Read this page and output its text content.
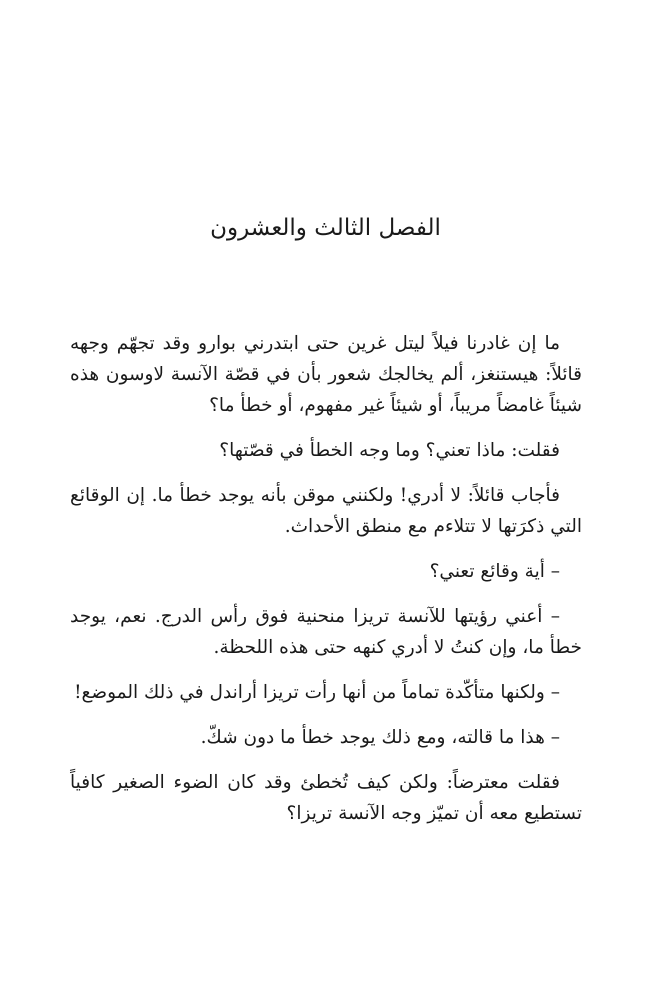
الفصل الثالث والعشرون

ما إن غادرنا فيلاً ليتل غرين حتى ابتدرني بوارو وقد تجهّم وجهه قائلاً: هيستنغز، ألم يخالجك شعور بأن في قصّة الآنسة لاوسون هذه شيئاً غامضاً مريباً، أو شيئاً غير مفهوم، أو خطأ ما؟

فقلت: ماذا تعني؟ وما وجه الخطأ في قصّتها؟

فأجاب قائلاً: لا أدري! ولكنني موقن بأنه يوجد خطأ ما. إن الوقائع التي ذكرَتها لا تتلاءم مع منطق الأحداث.

– أية وقائع تعني؟

– أعني رؤيتها للآنسة تريزا منحنية فوق رأس الدرج. نعم، يوجد خطأ ما، وإن كنتُ لا أدري كنهه حتى هذه اللحظة.

– ولكنها متأكّدة تماماً من أنها رأت تريزا أراندل في ذلك الموضع!

– هذا ما قالته، ومع ذلك يوجد خطأ ما دون شكّ.

فقلت معترضاً: ولكن كيف تُخطئ وقد كان الضوء الصغير كافياً تستطيع معه أن تميّز وجه الآنسة تريزا؟
